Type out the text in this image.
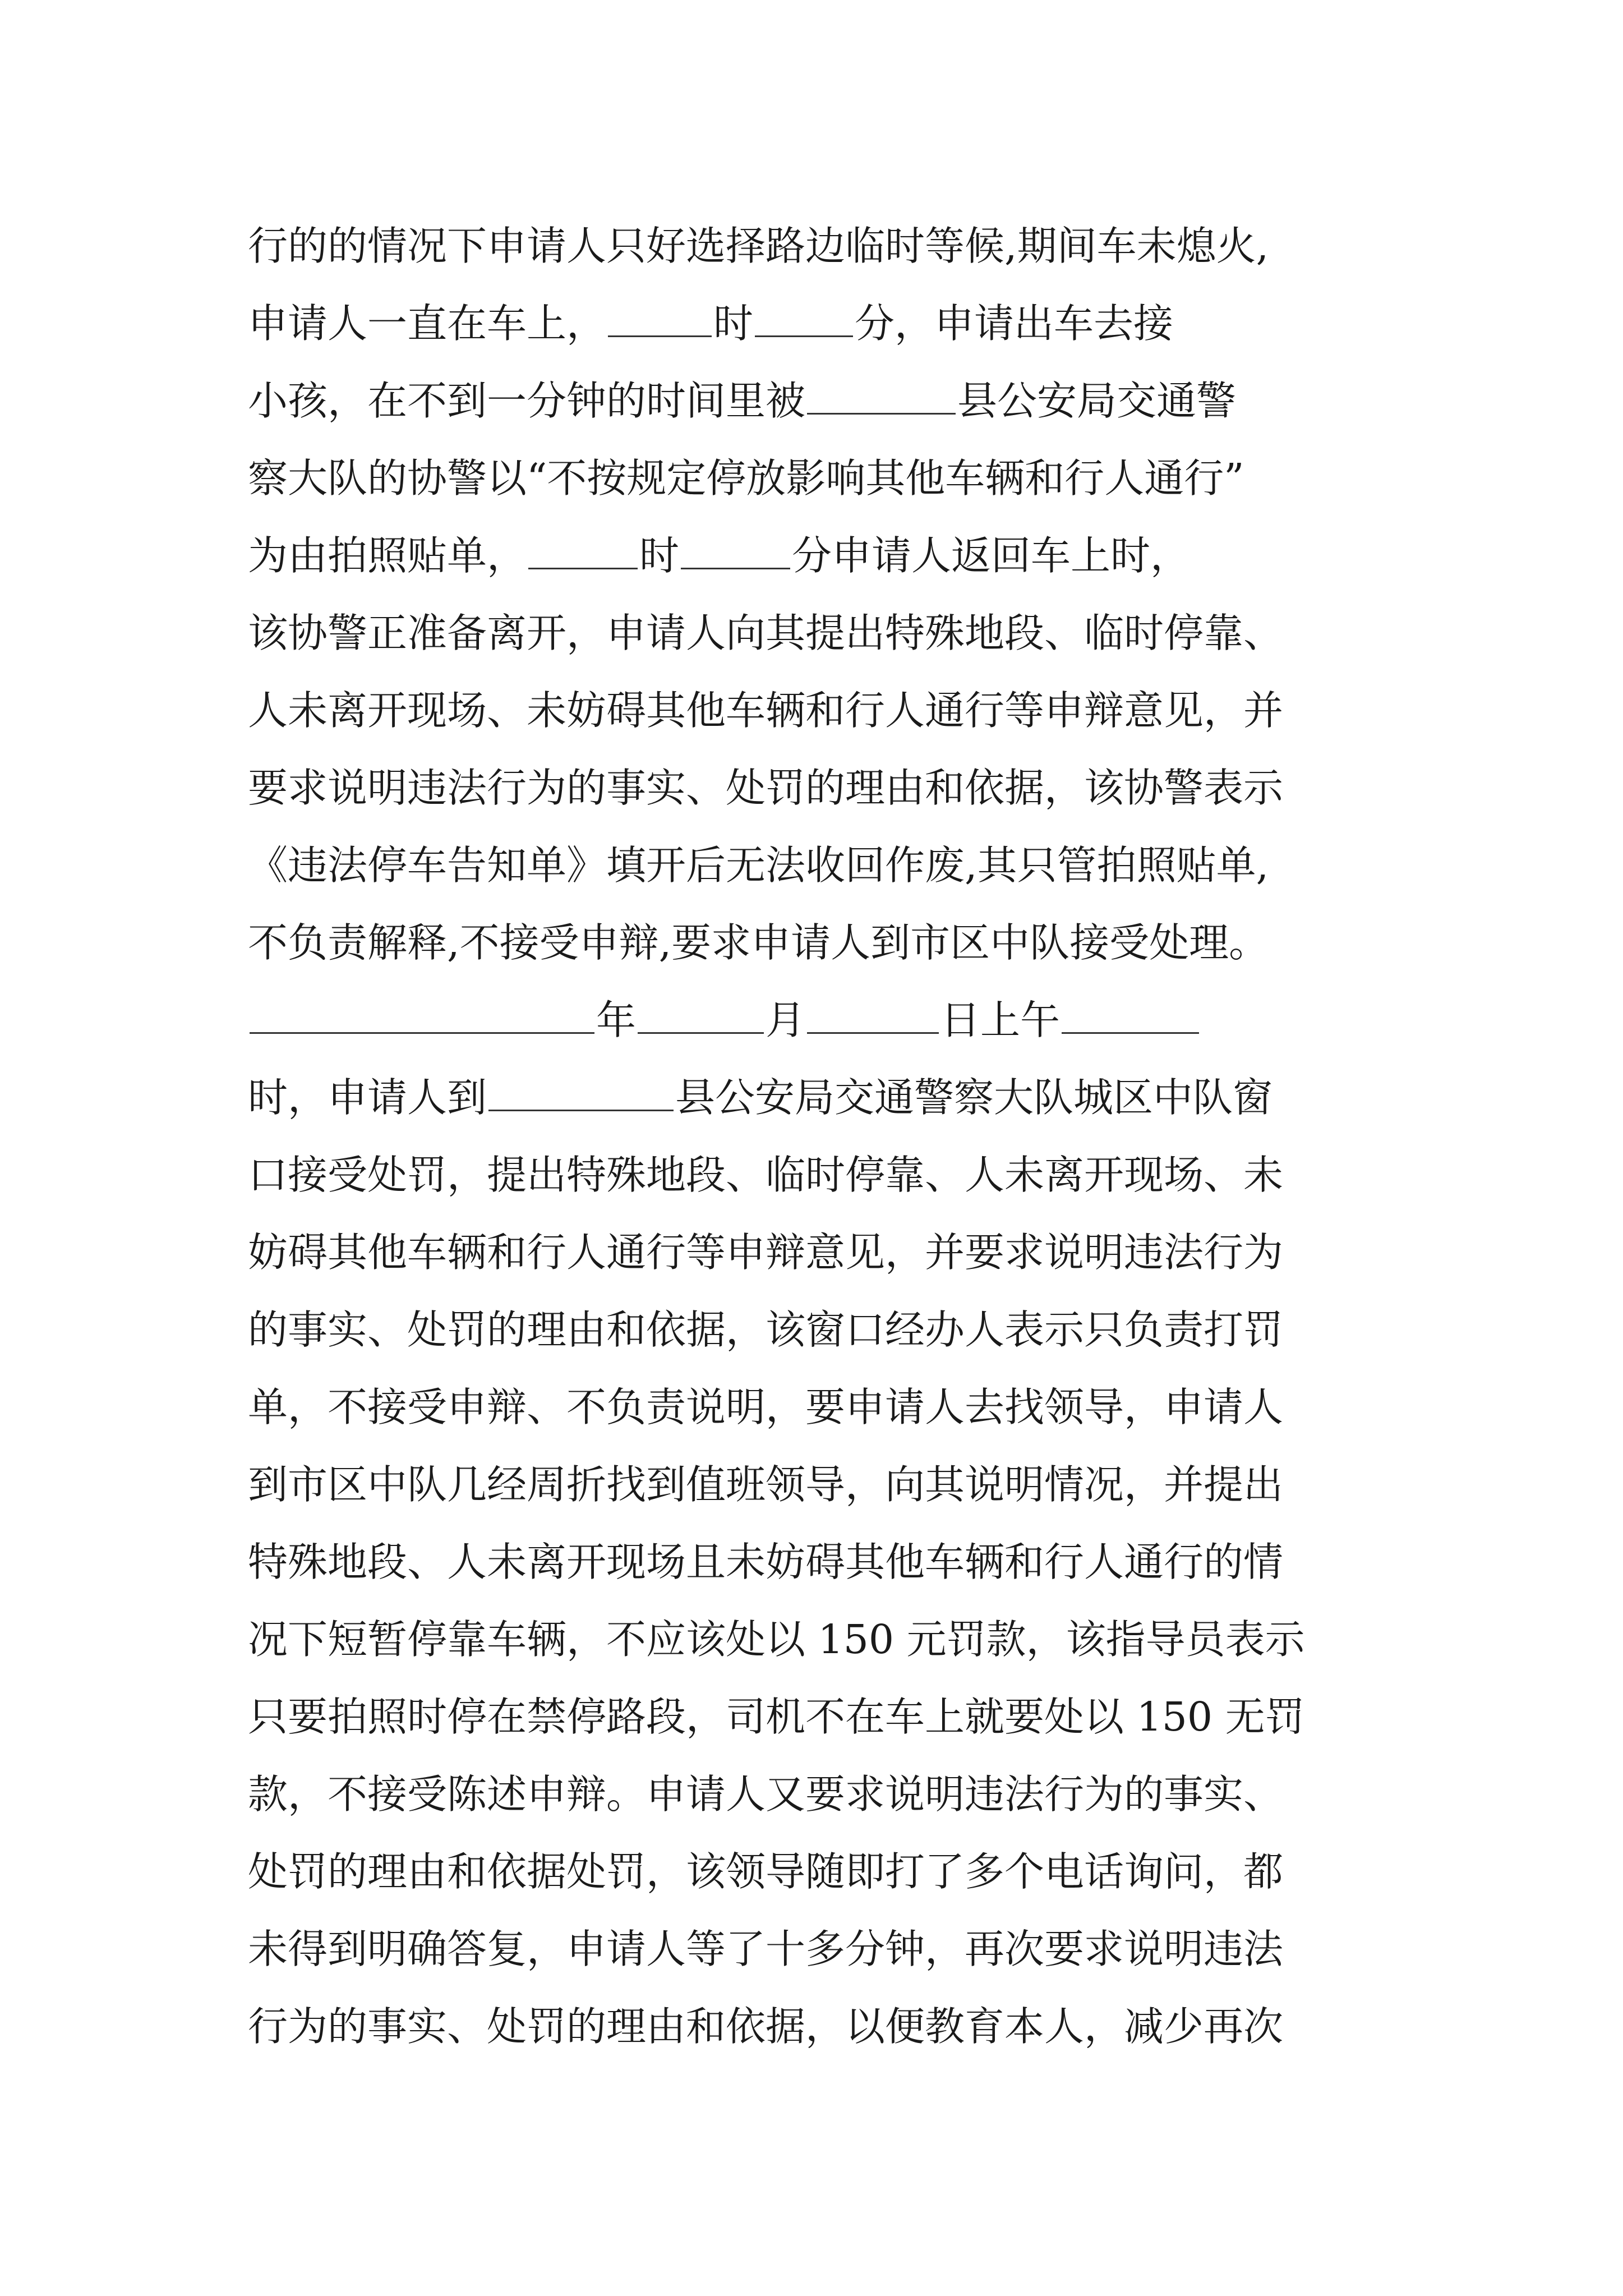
行的的情况下申请人只好选择路边临时等候,期间车未熄火,
申请人一直在车上，	时	分，申请出车去接
小孩，在不到一分钟的时间里被	县公安局交通警
察大队的协警以“不按规定停放影响其他车辆和行人通行”
为由拍照贴单，	时	分申请人返回车上时，
该协警正准备离开，申请人向其提出特殊地段、临时停靠、
人未离开现场、未妨碍其他车辆和行人通行等申辩意见，并
要求说明违法行为的事实、处罚的理由和依据，该协警表示
《违法停车告知单》填开后无法收回作废,其只管拍照贴单,
不负责解释,不接受申辩,要求申请人到市区中队接受处理。
年	月	日上午
时，申请人到	县公安局交通警察大队城区中队窗
口接受处罚，提出特殊地段、临时停靠、人未离开现场、未
妨碍其他车辆和行人通行等申辩意见，并要求说明违法行为
的事实、处罚的理由和依据，该窗口经办人表示只负责打罚
单，不接受申辩、不负责说明，要申请人去找领导，申请人
到市区中队几经周折找到值班领导，向其说明情况，并提出
特殊地段、人未离开现场且未妨碍其他车辆和行人通行的情
况下短暂停靠车辆，不应该处以 150 元罚款，该指导员表示
只要拍照时停在禁停路段，司机不在车上就要处以 150 无罚
款，不接受陈述申辩。申请人又要求说明违法行为的事实、
处罚的理由和依据处罚，该领导随即打了多个电话询问，都
未得到明确答复，申请人等了十多分钟，再次要求说明违法
行为的事实、处罚的理由和依据，以便教育本人，减少再次
